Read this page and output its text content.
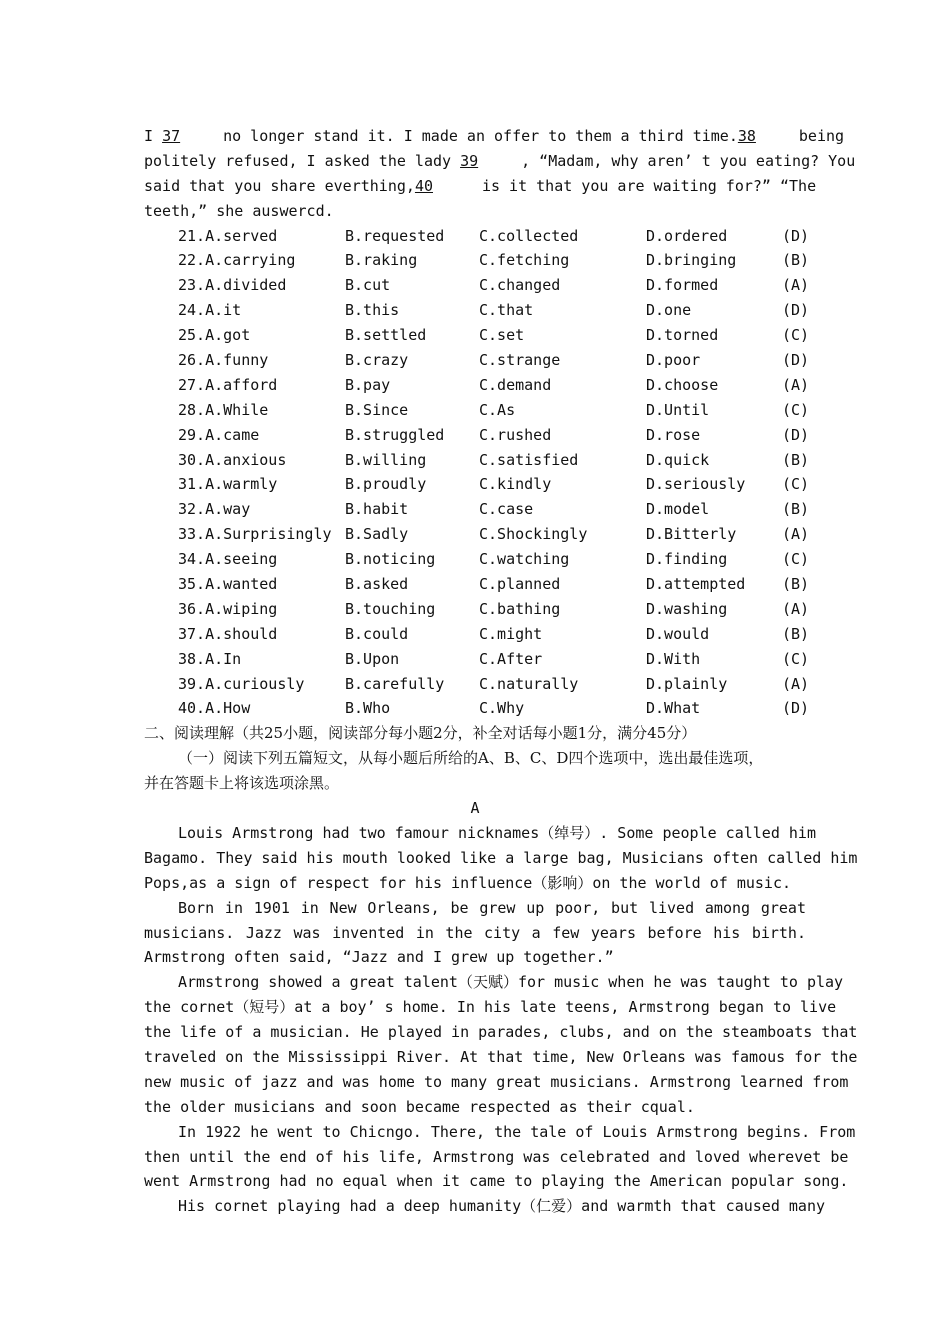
I 37	no longer stand it. I made an offer to them a third time.38	being
politely refused, I asked the lady 39	, “Madam, why aren’ t you eating? You
said that you share everthing,40	is it that you are waiting for?” “The
teeth,” she auswercd.
21.A.served	B.requested	C.collected	D.ordered	(D)
22.A.carrying	B.raking	C.fetching	D.bringing	(B)
23.A.divided	B.cut	C.changed	D.formed	(A)
24.A.it	B.this	C.that	D.one	(D)
25.A.got	B.settled	C.set	D.torned	(C)
26.A.funny	B.crazy	C.strange	D.poor	(D)
27.A.afford	B.pay	C.demand	D.choose	(A)
28.A.While	B.Since	C.As	D.Until	(C)
29.A.came	B.struggled	C.rushed	D.rose	(D)
30.A.anxious	B.willing	C.satisfied	D.quick	(B)
31.A.warmly	B.proudly	C.kindly	D.seriously	(C)
32.A.way	B.habit	C.case	D.model	(B)
33.A.Surprisingly B.Sadly	C.Shockingly	D.Bitterly	(A)
34.A.seeing	B.noticing	C.watching	D.finding	(C)
35.A.wanted	B.asked	C.planned	D.attempted	(B)
36.A.wiping	B.touching	C.bathing	D.washing	(A)
37.A.should	B.could	C.might	D.would	(B)
38.A.In	B.Upon	C.After	D.With	(C)
39.A.curiously	B.carefully	C.naturally	D.plainly	(A)
40.A.How	B.Who	C.Why	D.What	(D)
二、阅读理解（共25小题，阅读部分每小题2分，补全对话每小题1分，满分45分）
（一）阅读下列五篇短文，从每小题后所给的A、B、C、D四个选项中，选出最佳选项，
并在答题卡上将该选项涂黑。
A
Louis Armstrong had two famour nicknames（绰号）. Some people called him
Bagamo. They said his mouth looked like a large bag, Musicians often called him
Pops,as a sign of respect for his influence（影响）on the world of music.
Born in 1901 in New Orleans, be grew up poor, but lived among great
musicians. Jazz was invented in the city a few years before his birth.
Armstrong often said, “Jazz and I grew up together.”
Armstrong showed a great talent（天赋）for music when he was taught to play
the cornet（短号）at a boy’ s home. In his late teens, Armstrong began to live
the life of a musician. He played in parades, clubs, and on the steamboats that
traveled on the Mississippi River. At that time, New Orleans was famous for the
new music of jazz and was home to many great musicians. Armstrong learned from
the older musicians and soon became respected as their cqual.
In 1922 he went to Chicngo. There, the tale of Louis Armstrong begins. From
then until the end of his life, Armstrong was celebrated and loved wherevet be
went Armstrong had no equal when it came to playing the American popular song.
His cornet playing had a deep humanity（仁爱）and warmth that caused many
